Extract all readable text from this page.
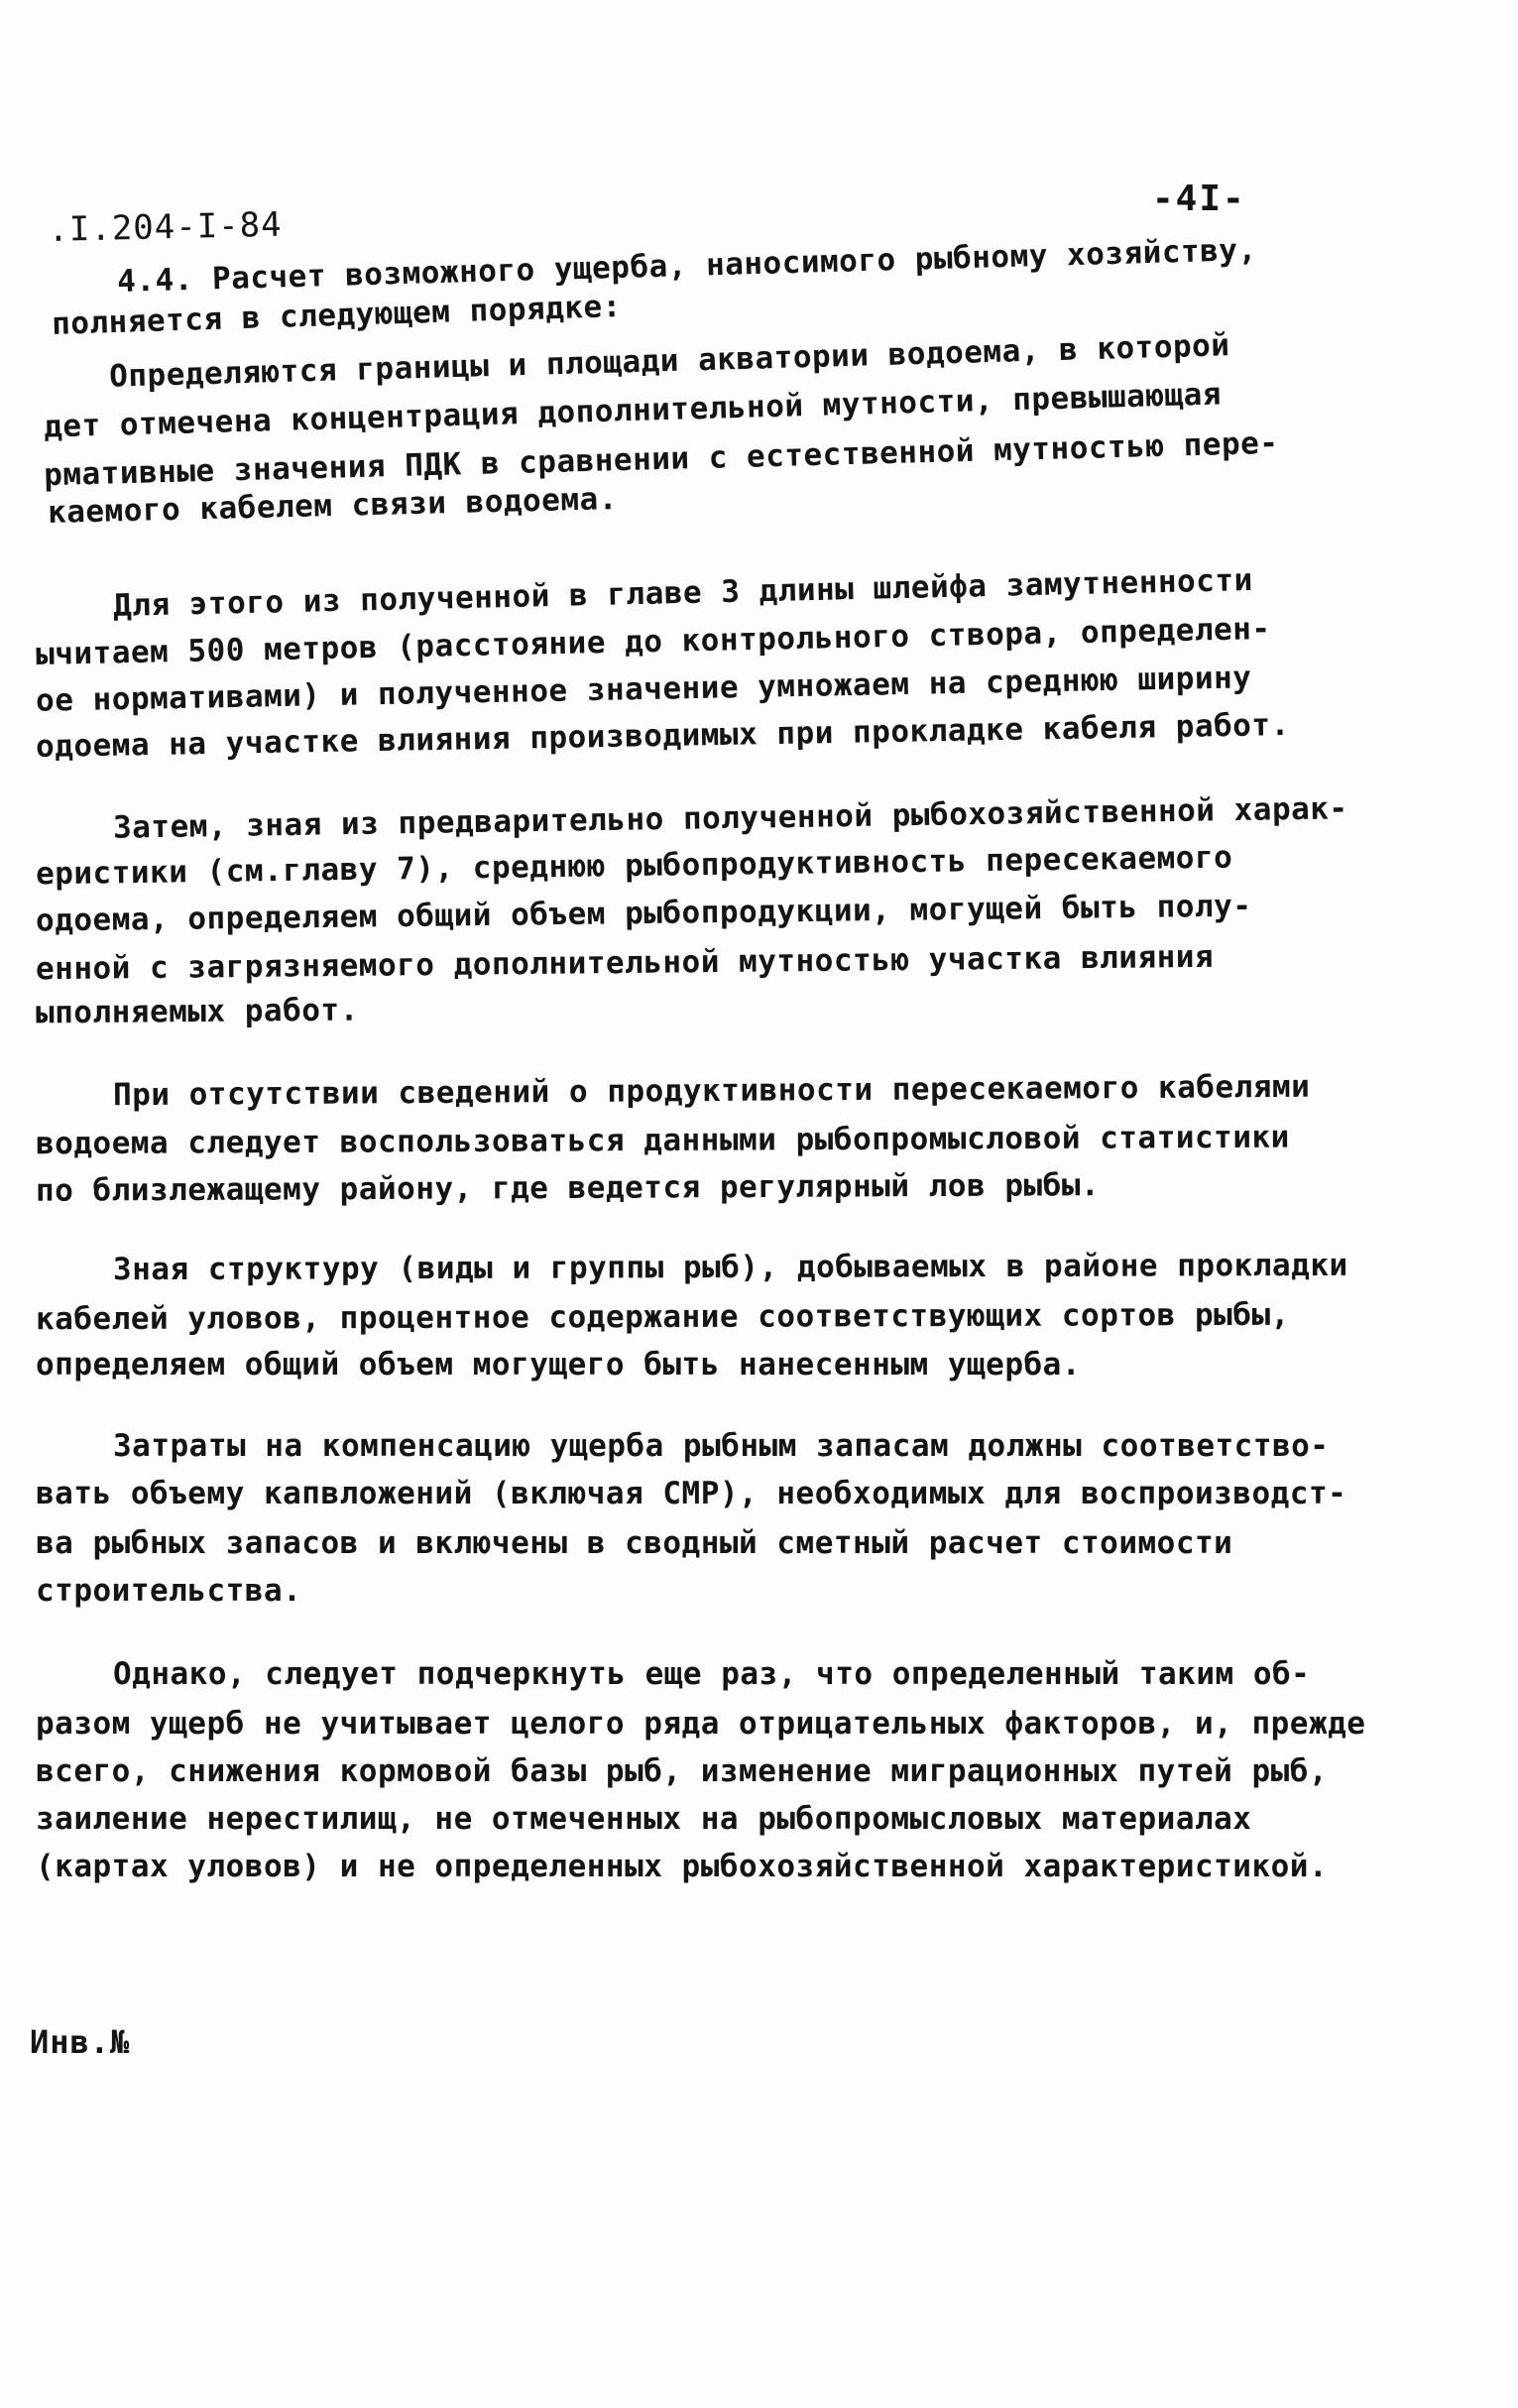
.I.204-I-84
-4I-
4.4. Расчет возможного ущерба, наносимого рыбному хозяйству,
полняется в следующем порядке:
Определяются границы и площади акватории водоема, в которой
дет отмечена концентрация дополнительной мутности, превышающая
рмативные значения ПДК в сравнении с естественной мутностью пере-
каемого кабелем связи водоема.
Для этого из полученной в главе 3 длины шлейфа замутненности
ычитаем 500 метров (расстояние до контрольного створа, определен-
ое нормативами) и полученное значение умножаем на среднюю ширину
одоема на участке влияния производимых при прокладке кабеля работ.
Затем, зная из предварительно полученной рыбохозяйственной харак-
еристики (см.главу 7), среднюю рыбопродуктивность пересекаемого
одоема, определяем общий объем рыбопродукции, могущей быть полу-
енной с загрязняемого дополнительной мутностью участка влияния
ыполняемых работ.
При отсутствии сведений о продуктивности пересекаемого кабелями
водоема следует воспользоваться данными рыбопромысловой статистики
по близлежащему району, где ведется регулярный лов рыбы.
Зная структуру (виды и группы рыб), добываемых в районе прокладки
кабелей уловов, процентное содержание соответствующих сортов рыбы,
определяем общий объем могущего быть нанесенным ущерба.
Затраты на компенсацию ущерба рыбным запасам должны соответство-
вать объему капвложений (включая СМР), необходимых для воспроизводст-
ва рыбных запасов и включены в сводный сметный расчет стоимости
строительства.
Однако, следует подчеркнуть еще раз, что определенный таким об-
разом ущерб не учитывает целого ряда отрицательных факторов, и, прежде
всего, снижения кормовой базы рыб, изменение миграционных путей рыб,
заиление нерестилищ, не отмеченных на рыбопромысловых материалах
(картах уловов) и не определенных рыбохозяйственной характеристикой.
Инв.№
